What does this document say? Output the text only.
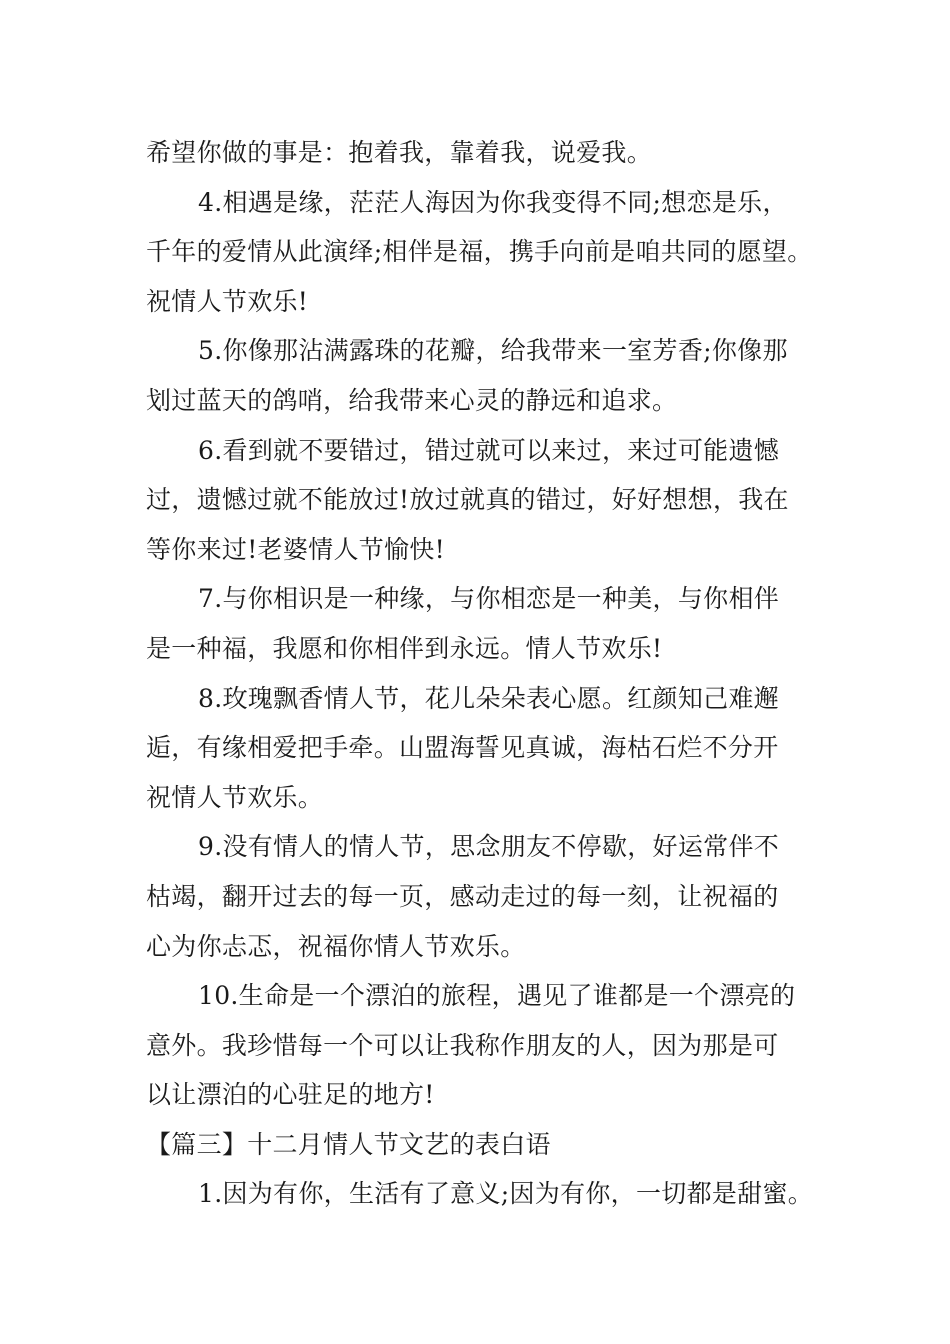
希望你做的事是：抱着我，靠着我，说爱我。
4.相遇是缘，茫茫人海因为你我变得不同;想恋是乐，
千年的爱情从此演绎;相伴是福，携手向前是咱共同的愿望。
祝情人节欢乐!
5.你像那沾满露珠的花瓣，给我带来一室芳香;你像那
划过蓝天的鸽哨，给我带来心灵的静远和追求。
6.看到就不要错过，错过就可以来过，来过可能遗憾
过，遗憾过就不能放过!放过就真的错过，好好想想，我在
等你来过!老婆情人节愉快!
7.与你相识是一种缘，与你相恋是一种美，与你相伴
是一种福，我愿和你相伴到永远。情人节欢乐!
8.玫瑰飘香情人节，花儿朵朵表心愿。红颜知己难邂
逅，有缘相爱把手牵。山盟海誓见真诚，海枯石烂不分开
祝情人节欢乐。
9.没有情人的情人节，思念朋友不停歇，好运常伴不
枯竭，翻开过去的每一页，感动走过的每一刻，让祝福的
心为你忐忑，祝福你情人节欢乐。
10.生命是一个漂泊的旅程，遇见了谁都是一个漂亮的
意外。我珍惜每一个可以让我称作朋友的人，因为那是可
以让漂泊的心驻足的地方!
【篇三】十二月情人节文艺的表白语
1.因为有你，生活有了意义;因为有你，一切都是甜蜜。
